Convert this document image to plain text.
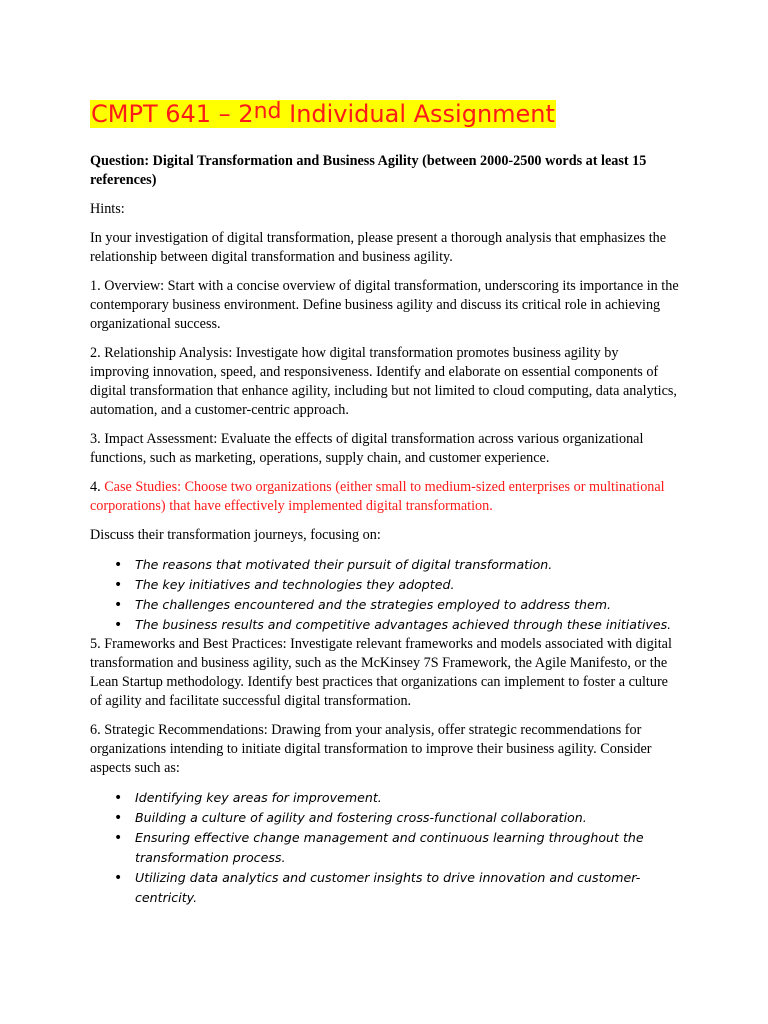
CMPT 641 – 2nd Individual Assignment

Question: Digital Transformation and Business Agility (between 2000-2500 words at least 15 references)

Hints:

In your investigation of digital transformation, please present a thorough analysis that emphasizes the relationship between digital transformation and business agility.

1. Overview: Start with a concise overview of digital transformation, underscoring its importance in the contemporary business environment. Define business agility and discuss its critical role in achieving organizational success.

2. Relationship Analysis: Investigate how digital transformation promotes business agility by improving innovation, speed, and responsiveness. Identify and elaborate on essential components of digital transformation that enhance agility, including but not limited to cloud computing, data analytics, automation, and a customer-centric approach.

3. Impact Assessment: Evaluate the effects of digital transformation across various organizational functions, such as marketing, operations, supply chain, and customer experience.

4. Case Studies: Choose two organizations (either small to medium-sized enterprises or multinational corporations) that have effectively implemented digital transformation.

Discuss their transformation journeys, focusing on:

• The reasons that motivated their pursuit of digital transformation.
• The key initiatives and technologies they adopted.
• The challenges encountered and the strategies employed to address them.
• The business results and competitive advantages achieved through these initiatives.

5. Frameworks and Best Practices: Investigate relevant frameworks and models associated with digital transformation and business agility, such as the McKinsey 7S Framework, the Agile Manifesto, or the Lean Startup methodology. Identify best practices that organizations can implement to foster a culture of agility and facilitate successful digital transformation.

6. Strategic Recommendations: Drawing from your analysis, offer strategic recommendations for organizations intending to initiate digital transformation to improve their business agility. Consider aspects such as:

• Identifying key areas for improvement.
• Building a culture of agility and fostering cross-functional collaboration.
• Ensuring effective change management and continuous learning throughout the transformation process.
• Utilizing data analytics and customer insights to drive innovation and customer-centricity.
